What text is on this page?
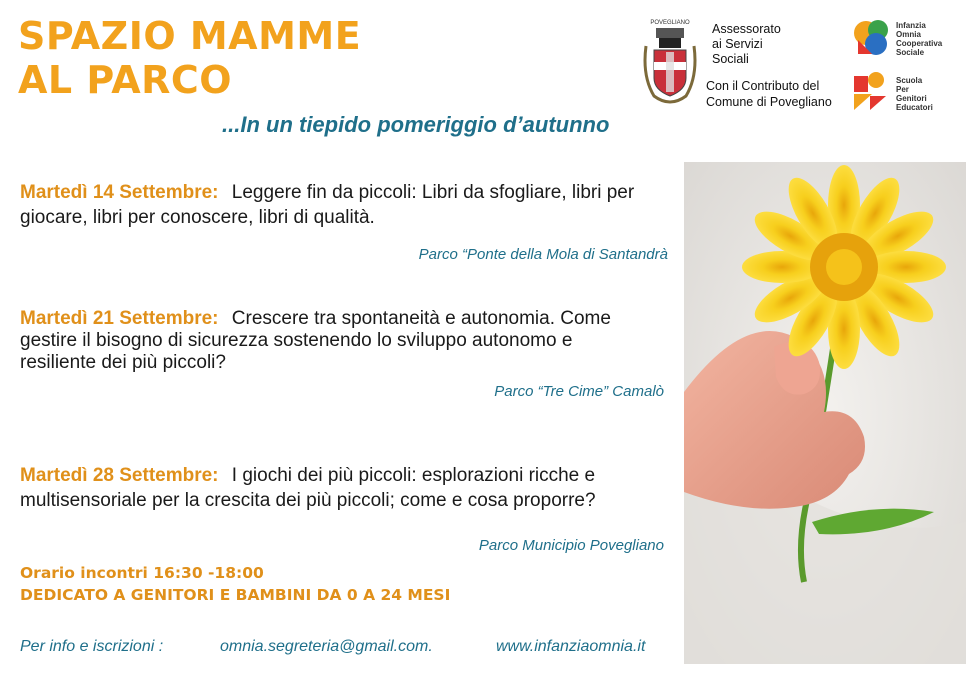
SPAZIO MAMME
AL PARCO
...In un tiepido pomeriggio d’autunno
POVEGLIANO Assessorato
ai Servizi
Sociali
Con il Contributo del
Comune di Povegliano
Infanzia
Omnia
Cooperativa
Sociale
Scuola
Per
Genitori
Educatori
Martedì 14 Settembre: Leggere fin da piccoli: Libri da sfogliare, libri per giocare, libri per conoscere, libri di qualità.
Parco “Ponte della Mola di Santandrà
Martedì 21 Settembre: Crescere tra spontaneità e autonomia. Come gestire il bisogno di sicurezza sostenendo lo sviluppo autonomo e resiliente dei più piccoli?
Parco “Tre Cime” Camalò
Martedì 28 Settembre: I giochi dei più piccoli: esplorazioni ricche e multisensoriale per la crescita dei più piccoli; come e cosa proporre?
Parco Municipio Povegliano
Orario incontri 16:30 -18:00
DEDICATO A GENITORI E BAMBINI DA 0 A 24 MESI
Per info e iscrizioni :	omnia.segreteria@gmail.com.	www.infanziaomnia.it
